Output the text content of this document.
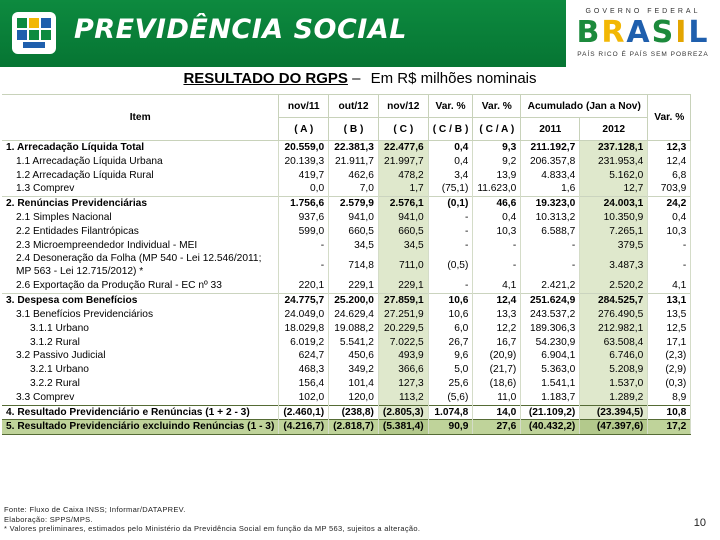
PREVIDÊNCIA SOCIAL
GOVERNO FEDERAL
BRASIL
PAÍS RICO É PAÍS SEM POBREZA
RESULTADO DO RGPS – Em R$ milhões nominais
Item	nov/11	out/12	nov/12	Var. %	Var. %	Acumulado (Jan a Nov)		Var. %
	( A )	( B )	( C )	( C / B )	( C / A )	2011	2012	
1. Arrecadação Líquida Total	20.559,0	22.381,3	22.477,6	0,4	9,3	211.192,7	237.128,1	12,3
1.1 Arrecadação Líquida Urbana	20.139,3	21.911,7	21.997,7	0,4	9,2	206.357,8	231.953,4	12,4
1.2 Arrecadação Líquida Rural	419,7	462,6	478,2	3,4	13,9	4.833,4	5.162,0	6,8
1.3 Comprev	0,0	7,0	1,7	(75,1)	11.623,0	1,6	12,7	703,9
2. Renúncias Previdenciárias	1.756,6	2.579,9	2.576,1	(0,1)	46,6	19.323,0	24.003,1	24,2
2.1 Simples Nacional	937,6	941,0	941,0	-	0,4	10.313,2	10.350,9	0,4
2.2 Entidades Filantrópicas	599,0	660,5	660,5	-	10,3	6.588,7	7.265,1	10,3
2.3 Microempreendedor Individual - MEI	-	34,5	34,5	-	-	-	379,5	-
2.4 Desoneração da Folha (MP 540 - Lei 12.546/2011; MP 563 - Lei 12.715/2012) *	-	714,8	711,0	(0,5)	-	-	3.487,3	-
2.6 Exportação da Produção Rural - EC nº 33	220,1	229,1	229,1	-	4,1	2.421,2	2.520,2	4,1
3. Despesa com Benefícios	24.775,7	25.200,0	27.859,1	10,6	12,4	251.624,9	284.525,7	13,1
3.1 Benefícios Previdenciários	24.049,0	24.629,4	27.251,9	10,6	13,3	243.537,2	276.490,5	13,5
3.1.1 Urbano	18.029,8	19.088,2	20.229,5	6,0	12,2	189.306,3	212.982,1	12,5
3.1.2 Rural	6.019,2	5.541,2	7.022,5	26,7	16,7	54.230,9	63.508,4	17,1
3.2 Passivo Judicial	624,7	450,6	493,9	9,6	(20,9)	6.904,1	6.746,0	(2,3)
3.2.1 Urbano	468,3	349,2	366,6	5,0	(21,7)	5.363,0	5.208,9	(2,9)
3.2.2 Rural	156,4	101,4	127,3	25,6	(18,6)	1.541,1	1.537,0	(0,3)
3.3 Comprev	102,0	120,0	113,2	(5,6)	11,0	1.183,7	1.289,2	8,9
4. Resultado Previdenciário e Renúncias (1 + 2 - 3)	(2.460,1)	(238,8)	(2.805,3)	1.074,8	14,0	(21.109,2)	(23.394,5)	10,8
5. Resultado Previdenciário excluindo Renúncias (1 - 3)	(4.216,7)	(2.818,7)	(5.381,4)	90,9	27,6	(40.432,2)	(47.397,6)	17,2
Fonte: Fluxo de Caixa INSS; Informar/DATAPREV.
Elaboração: SPPS/MPS.
* Valores preliminares, estimados pelo Ministério da Previdência Social em função da MP 563, sujeitos a alteração.	10
